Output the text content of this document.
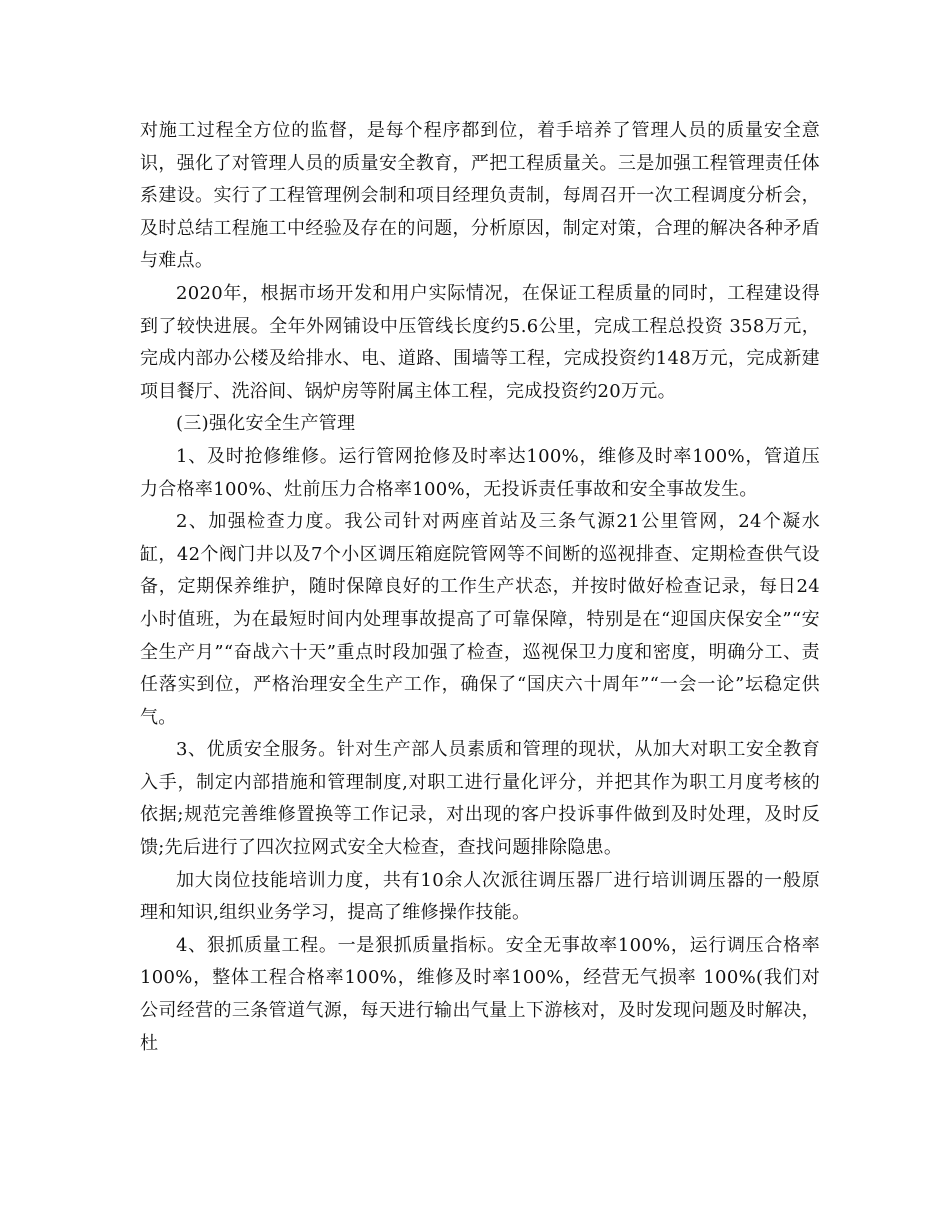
对施工过程全方位的监督，是每个程序都到位，着手培养了管理人员的质量安全意识，强化了对管理人员的质量安全教育，严把工程质量关。三是加强工程管理责任体系建设。实行了工程管理例会制和项目经理负责制，每周召开一次工程调度分析会，及时总结工程施工中经验及存在的问题，分析原因，制定对策，合理的解决各种矛盾与难点。

2020年，根据市场开发和用户实际情况，在保证工程质量的同时，工程建设得到了较快进展。全年外网铺设中压管线长度约5.6公里，完成工程总投资 358万元，完成内部办公楼及给排水、电、道路、围墙等工程，完成投资约148万元，完成新建项目餐厅、洗浴间、锅炉房等附属主体工程，完成投资约20万元。

(三)强化安全生产管理

1、及时抢修维修。运行管网抢修及时率达100%，维修及时率100%，管道压力合格率100%、灶前压力合格率100%，无投诉责任事故和安全事故发生。

2、加强检查力度。我公司针对两座首站及三条气源21公里管网，24个凝水缸，42个阀门井以及7个小区调压箱庭院管网等不间断的巡视排查、定期检查供气设备，定期保养维护，随时保障良好的工作生产状态，并按时做好检查记录，每日24小时值班，为在最短时间内处理事故提高了可靠保障，特别是在“迎国庆保安全”“安全生产月”“奋战六十天”重点时段加强了检查，巡视保卫力度和密度，明确分工、责任落实到位，严格治理安全生产工作，确保了“国庆六十周年”“一会一论”坛稳定供气。

3、优质安全服务。针对生产部人员素质和管理的现状，从加大对职工安全教育入手，制定内部措施和管理制度,对职工进行量化评分，并把其作为职工月度考核的依据;规范完善维修置换等工作记录，对出现的客户投诉事件做到及时处理，及时反馈;先后进行了四次拉网式安全大检查，查找问题排除隐患。

加大岗位技能培训力度，共有10余人次派往调压器厂进行培训调压器的一般原理和知识,组织业务学习，提高了维修操作技能。

4、狠抓质量工程。一是狠抓质量指标。安全无事故率100%，运行调压合格率100%，整体工程合格率100%，维修及时率100%，经营无气损率 100%(我们对公司经营的三条管道气源，每天进行输出气量上下游核对，及时发现问题及时解决，杜
